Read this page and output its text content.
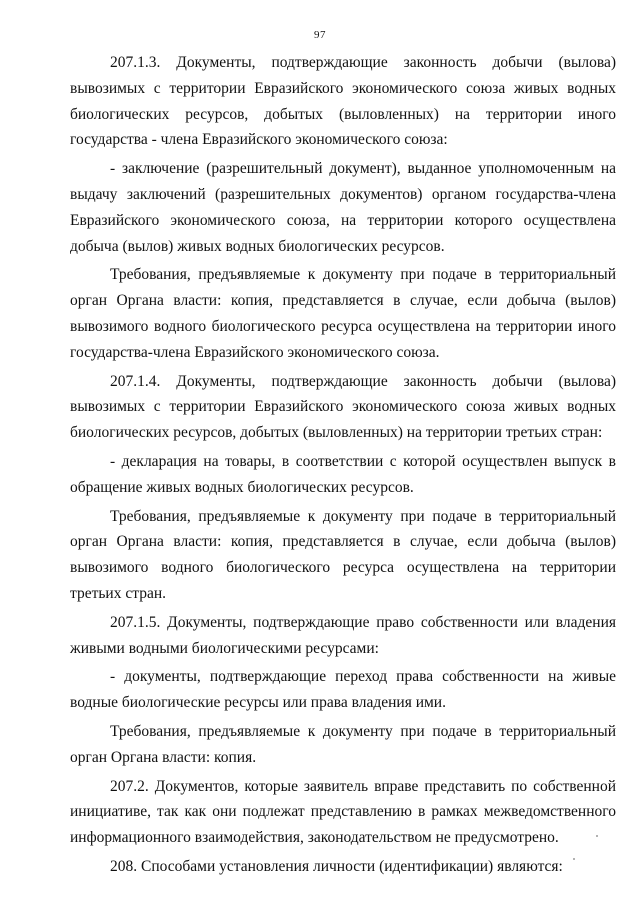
97

207.1.3. Документы, подтверждающие законность добычи (вылова) вывозимых с территории Евразийского экономического союза живых водных биологических ресурсов, добытых (выловленных) на территории иного государства - члена Евразийского экономического союза:

- заключение (разрешительный документ), выданное уполномоченным на выдачу заключений (разрешительных документов) органом государства-члена Евразийского экономического союза, на территории которого осуществлена добыча (вылов) живых водных биологических ресурсов.

Требования, предъявляемые к документу при подаче в территориальный орган Органа власти: копия, представляется в случае, если добыча (вылов) вывозимого водного биологического ресурса осуществлена на территории иного государства-члена Евразийского экономического союза.

207.1.4. Документы, подтверждающие законность добычи (вылова) вывозимых с территории Евразийского экономического союза живых водных биологических ресурсов, добытых (выловленных) на территории третьих стран:

- декларация на товары, в соответствии с которой осуществлен выпуск в обращение живых водных биологических ресурсов.

Требования, предъявляемые к документу при подаче в территориальный орган Органа власти: копия, представляется в случае, если добыча (вылов) вывозимого водного биологического ресурса осуществлена на территории третьих стран.

207.1.5. Документы, подтверждающие право собственности или владения живыми водными биологическими ресурсами:

- документы, подтверждающие переход права собственности на живые водные биологические ресурсы или права владения ими.

Требования, предъявляемые к документу при подаче в территориальный орган Органа власти: копия.

207.2. Документов, которые заявитель вправе представить по собственной инициативе, так как они подлежат представлению в рамках межведомственного информационного взаимодействия, законодательством не предусмотрено.

208. Способами установления личности (идентификации) являются:
